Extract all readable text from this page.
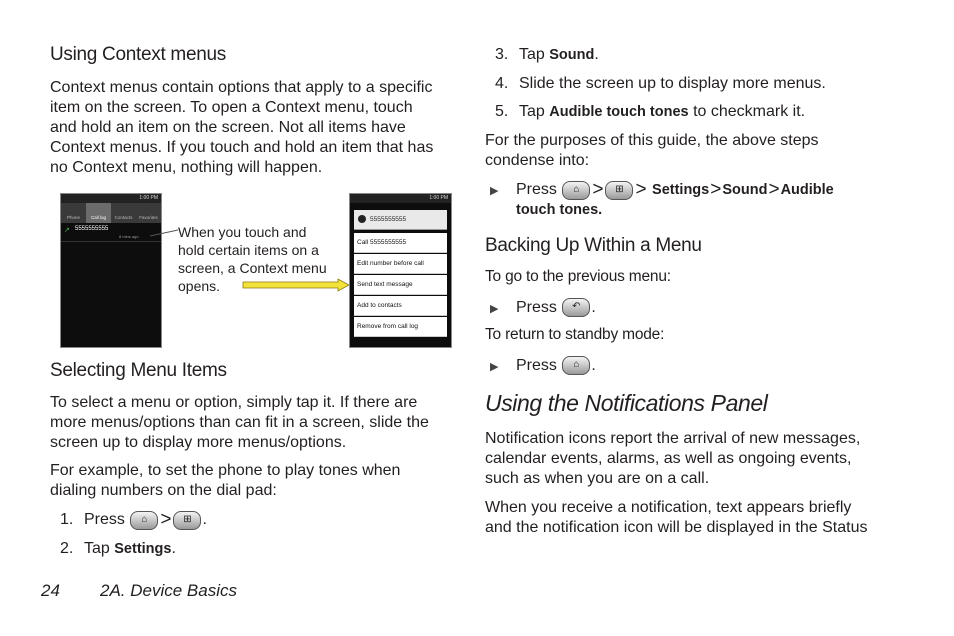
Using Context menus
Context menus contain options that apply to a specific
item on the screen. To open a Context menu, touch
and hold an item on the screen. Not all items have
Context menus. If you touch and hold an item that has
no Context menu, nothing will happen.
1:00 PM
Phone	Call log	Contacts	Favorites
↗ 5555555555
8 mins ago	When you touch and
hold certain items on a
screen, a Context menu
opens.
1:00 PM
5555555555
Call 5555555555
Edit number before call
Send text message
Add to contacts
Remove from call log
Selecting Menu Items
To select a menu or option, simply tap it. If there are
more menus/options than can fit in a screen, slide the
screen up to display more menus/options.
For example, to set the phone to play tones when
dialing numbers on the dial pad:
1. Press	⌂ >	⊞ .
2. Tap Settings.
3. Tap Sound.
4. Slide the screen up to display more menus.
5. Tap Audible touch tones to checkmark it.
For the purposes of this guide, the above steps
condense into:
▶ Press	⌂ >	⊞ > Settings>Sound>Audible
touch tones.
Backing Up Within a Menu
To go to the previous menu:
▶ Press	↶ .
To return to standby mode:
▶ Press	⌂ .
Using the Notifications Panel
Notification icons report the arrival of new messages,
calendar events, alarms, as well as ongoing events,
such as when you are on a call.
When you receive a notification, text appears briefly
and the notification icon will be displayed in the Status
24 2A. Device Basics
